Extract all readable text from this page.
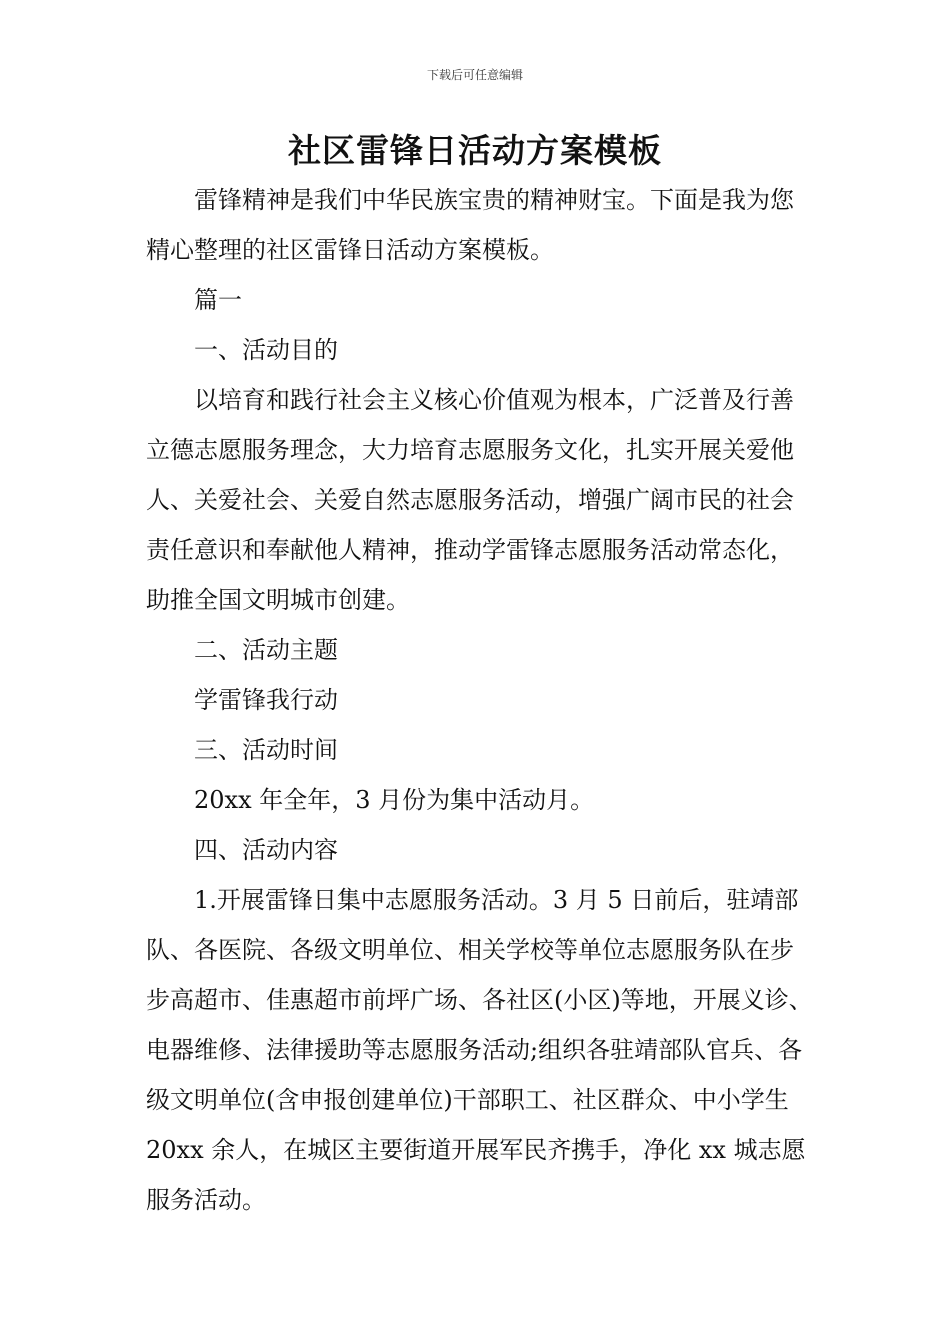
下载后可任意编辑
社区雷锋日活动方案模板

雷锋精神是我们中华民族宝贵的精神财宝。下面是我为您精心整理的社区雷锋日活动方案模板。

篇一

一、活动目的

以培育和践行社会主义核心价值观为根本，广泛普及行善立德志愿服务理念，大力培育志愿服务文化，扎实开展关爱他人、关爱社会、关爱自然志愿服务活动，增强广阔市民的社会责任意识和奉献他人精神，推动学雷锋志愿服务活动常态化，助推全国文明城市创建。

二、活动主题

学雷锋我行动

三、活动时间

20xx 年全年，3 月份为集中活动月。

四、活动内容

1.开展雷锋日集中志愿服务活动。3 月 5 日前后，驻靖部队、各医院、各级文明单位、相关学校等单位志愿服务队在步步高超市、佳惠超市前坪广场、各社区(小区)等地，开展义诊、电器维修、法律援助等志愿服务活动;组织各驻靖部队官兵、各级文明单位(含申报创建单位)干部职工、社区群众、中小学生 20xx 余人，在城区主要街道开展军民齐携手，净化 xx 城志愿服务活动。
